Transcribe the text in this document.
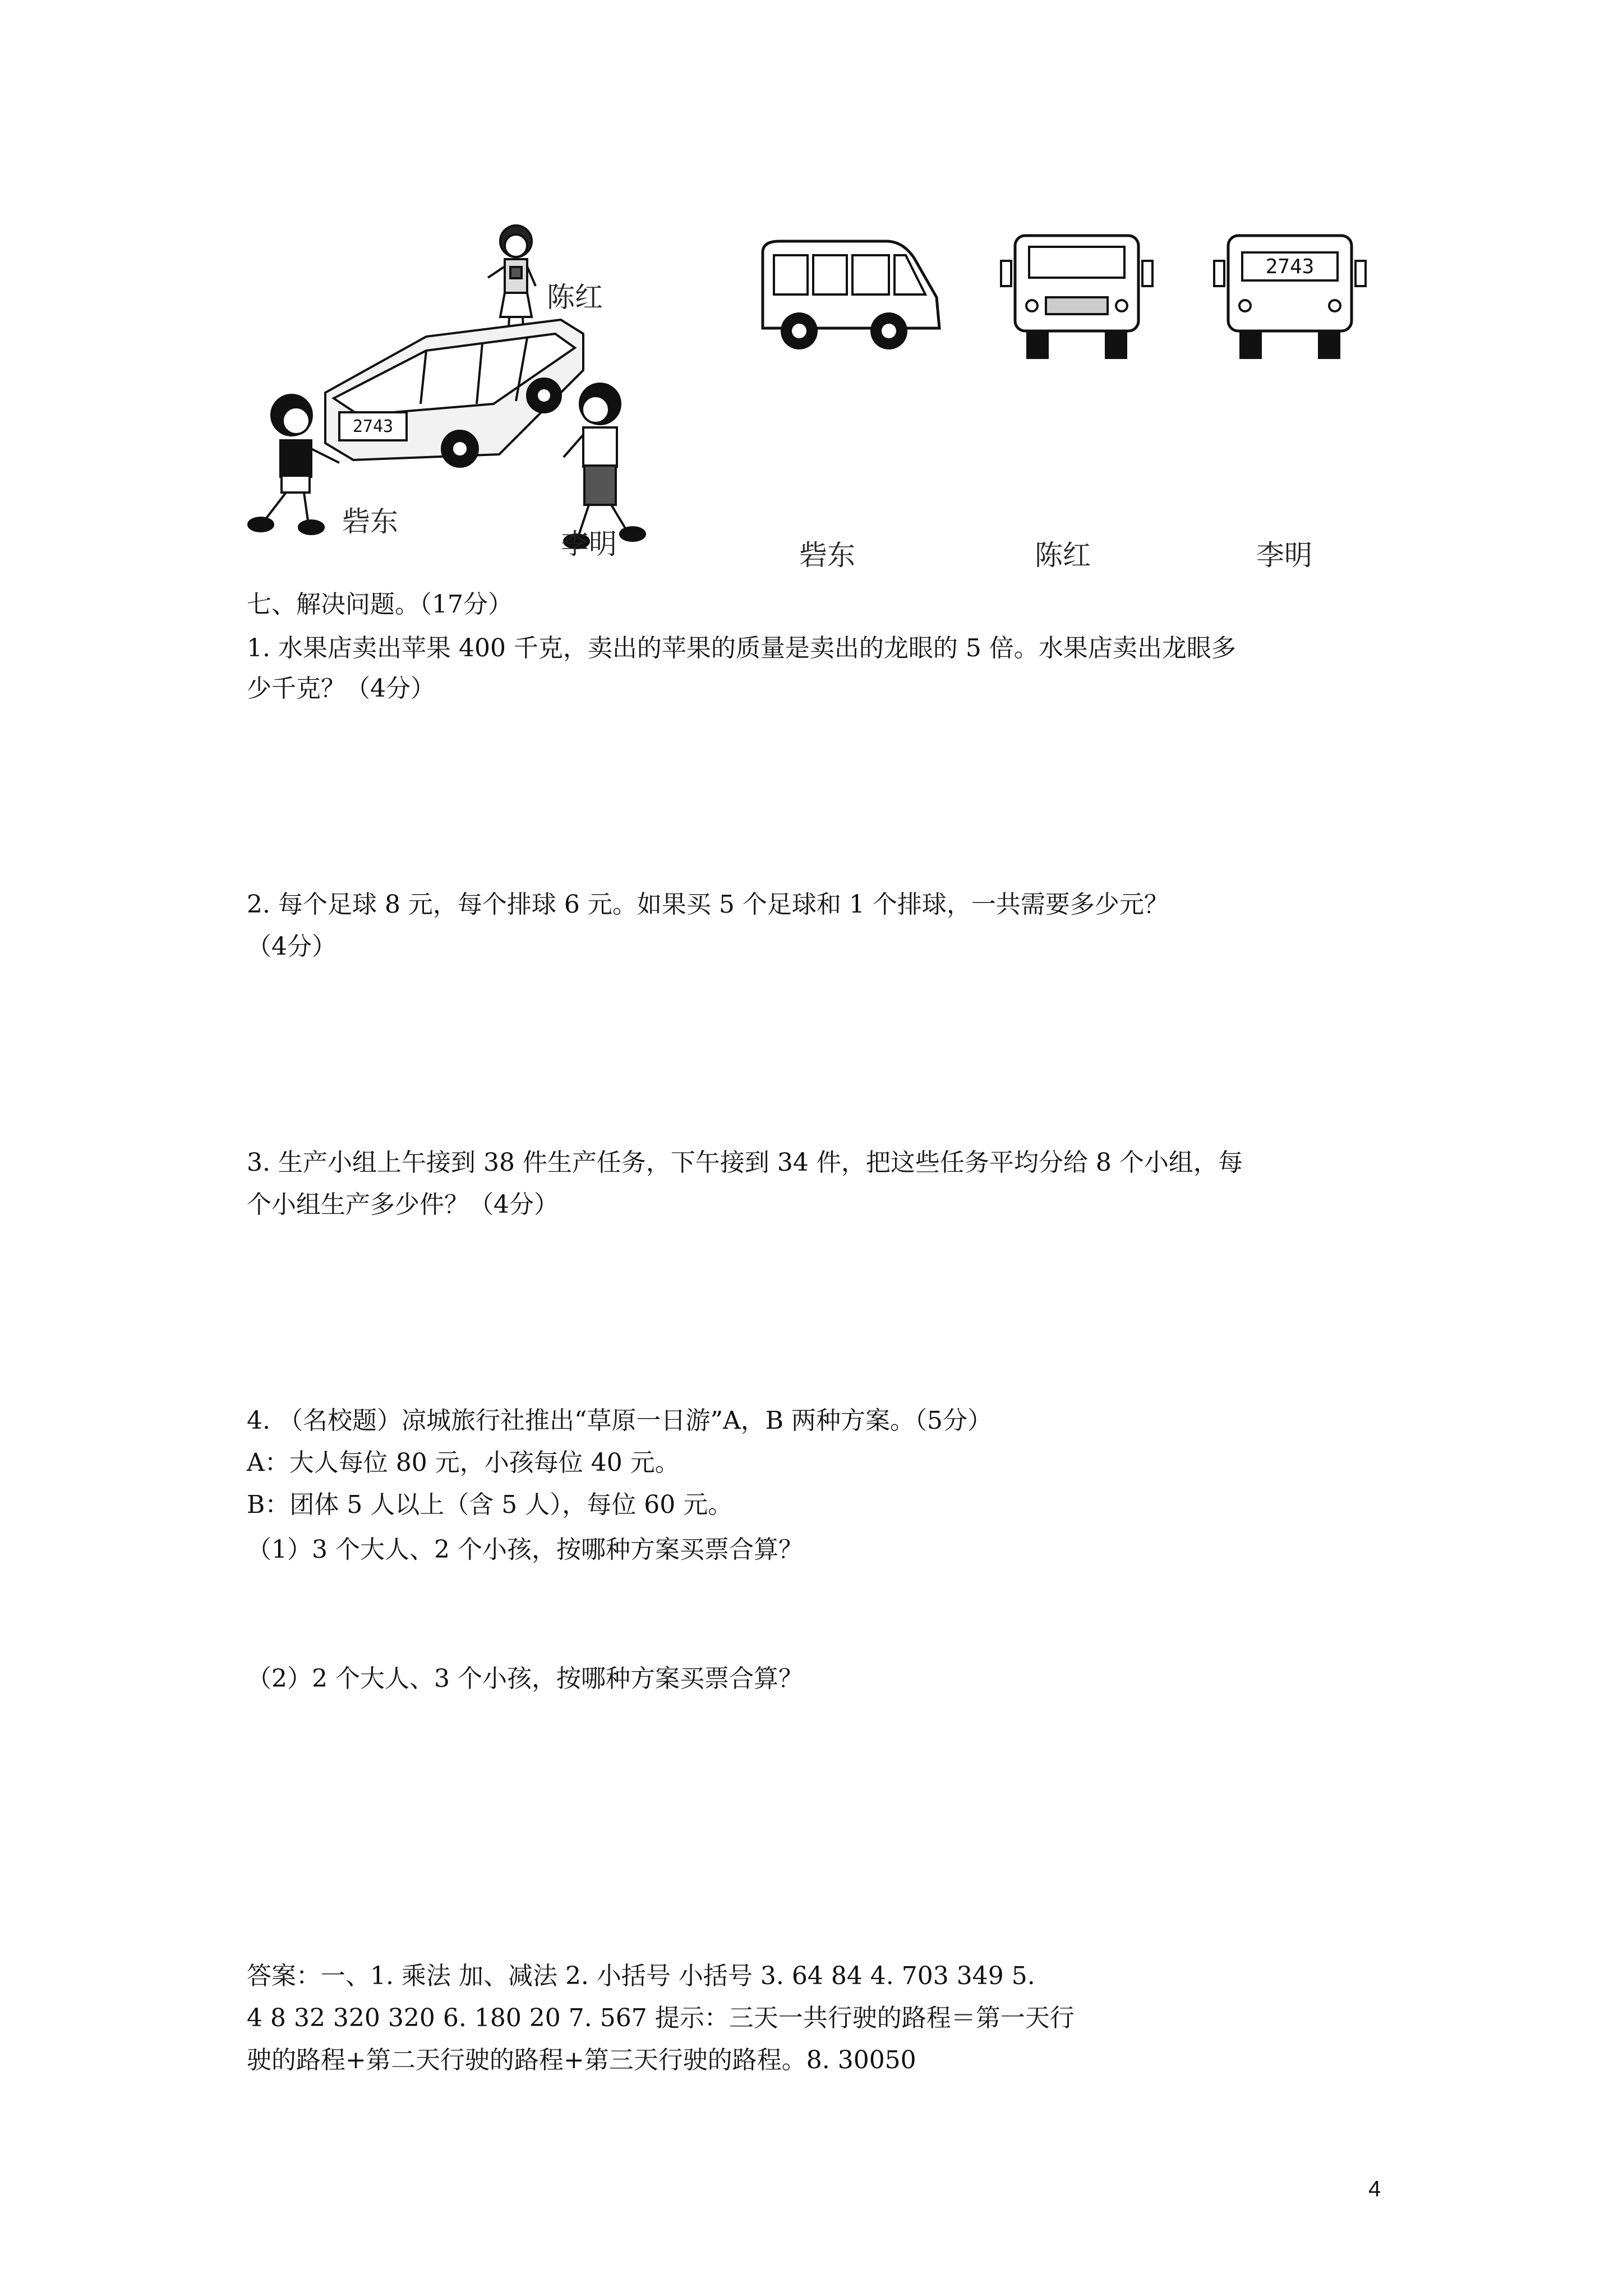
2743
陈红
砦东
李明
2743
砦东	陈红	李明
七、解决问题。（17分）
1. 水果店卖出苹果 400 千克，卖出的苹果的质量是卖出的龙眼的 5 倍。水果店卖出龙眼多
少千克？（4分）
2. 每个足球 8 元，每个排球 6 元。如果买 5 个足球和 1 个排球，一共需要多少元？
（4分）
3. 生产小组上午接到 38 件生产任务，下午接到 34 件，把这些任务平均分给 8 个小组，每
个小组生产多少件？（4分）
4. （名校题）凉城旅行社推出“草原一日游”A，B 两种方案。（5分）
A：大人每位 80 元，小孩每位 40 元。
B：团体 5 人以上（含 5 人），每位 60 元。
（1）3 个大人、2 个小孩，按哪种方案买票合算？
（2）2 个大人、3 个小孩，按哪种方案买票合算？
答案：一、1. 乘法 加、减法 2. 小括号 小括号 3. 64 84 4. 703 349 5.
4 8 32 320 320 6. 180 20 7. 567 提示：三天一共行驶的路程＝第一天行
驶的路程+第二天行驶的路程+第三天行驶的路程。8. 30050
4
